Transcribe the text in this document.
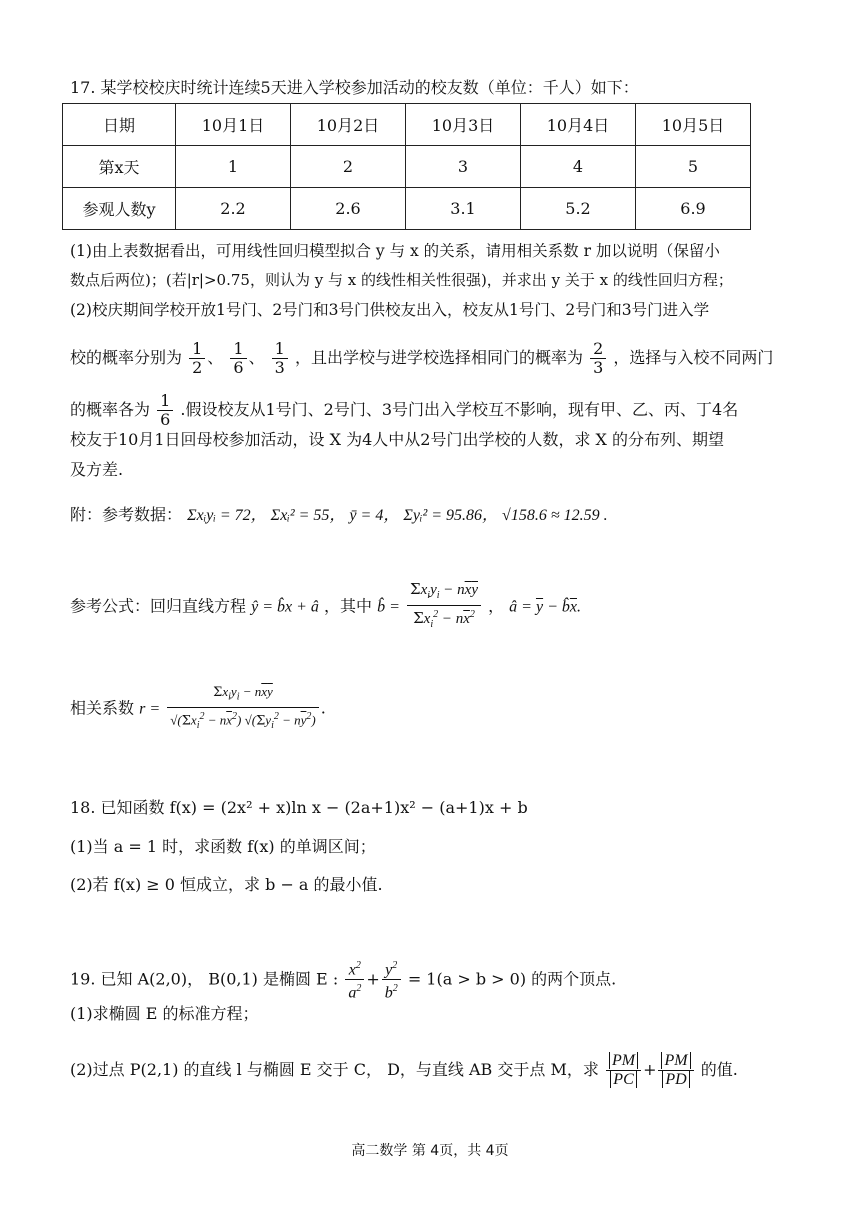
17. 某学校校庆时统计连续5天进入学校参加活动的校友数（单位：千人）如下：
日期	10月1日	10月2日	10月3日	10月4日	10月5日
第x天	1	2	3	4	5
参观人数y	2.2	2.6	3.1	5.2	6.9
(1)由上表数据看出，可用线性回归模型拟合 y 与 x 的关系，请用相关系数 r 加以说明（保留小
数点后两位)；(若|r|>0.75，则认为 y 与 x 的线性相关性很强)，并求出 y 关于 x 的线性回归方程；
(2)校庆期间学校开放1号门、2号门和3号门供校友出入，校友从1号门、2号门和3号门进入学
校的概率分别为 $\frac{1}{2}$ 、 $\frac{1}{6}$ 、 $\frac{1}{3}$ ，且出学校与进学校选择相同门的概率为 $\frac{2}{3}$ ，选择与入校不同两门
的概率各为 $\frac{1}{6}$ .假设校友从1号门、2号门、3号门出入学校互不影响，现有甲、乙、丙、丁4名
校友于10月1日回母校参加活动，设 X 为4人中从2号门出学校的人数，求 X 的分布列、期望
及方差.
附：参考数据： Σxᵢyᵢ = 72， Σxᵢ² = 55， ȳ = 4， Σyᵢ² = 95.86， √158.6 ≈ 12.59 .
参考公式：回归直线方程 ŷ = b̂x + â ，其中 b̂ = $\frac{\Sigma x_iy_i - n\overline{x}\overline{y}}{\Sigma x_i^2 - n\overline{x}^2}$ ， â = $\overline{y}$ − $b̂\overline{x}$.
相关系数 $r = \frac{\Sigma x_iy_i - n\overline{x}\overline{y}}{√(\Sigma x_i^2 - n\overline{x}^2) √(\Sigma y_i^2 - n\overline{y}^2)}$ .
18. 已知函数 f(x) = (2x² + x)ln x − (2a+1)x² − (a+1)x + b
(1)当 a = 1 时，求函数 f(x) 的单调区间；
(2)若 f(x) ≥ 0 恒成立，求 b − a 的最小值.
19. 已知 A(2,0)， B(0,1) 是椭圆 E : $\frac{x^2}{a^2} + \frac{y^2}{b^2} = 1(a > b > 0)$ 的两个顶点.
(1)求椭圆 E 的标准方程；
(2)过点 P(2,1) 的直线 l 与椭圆 E 交于 C， D，与直线 AB 交于点 M，求 $\frac{PM}{PC} + \frac{PM}{PD}$ 的值.
高二数学 第 4页，共 4页
